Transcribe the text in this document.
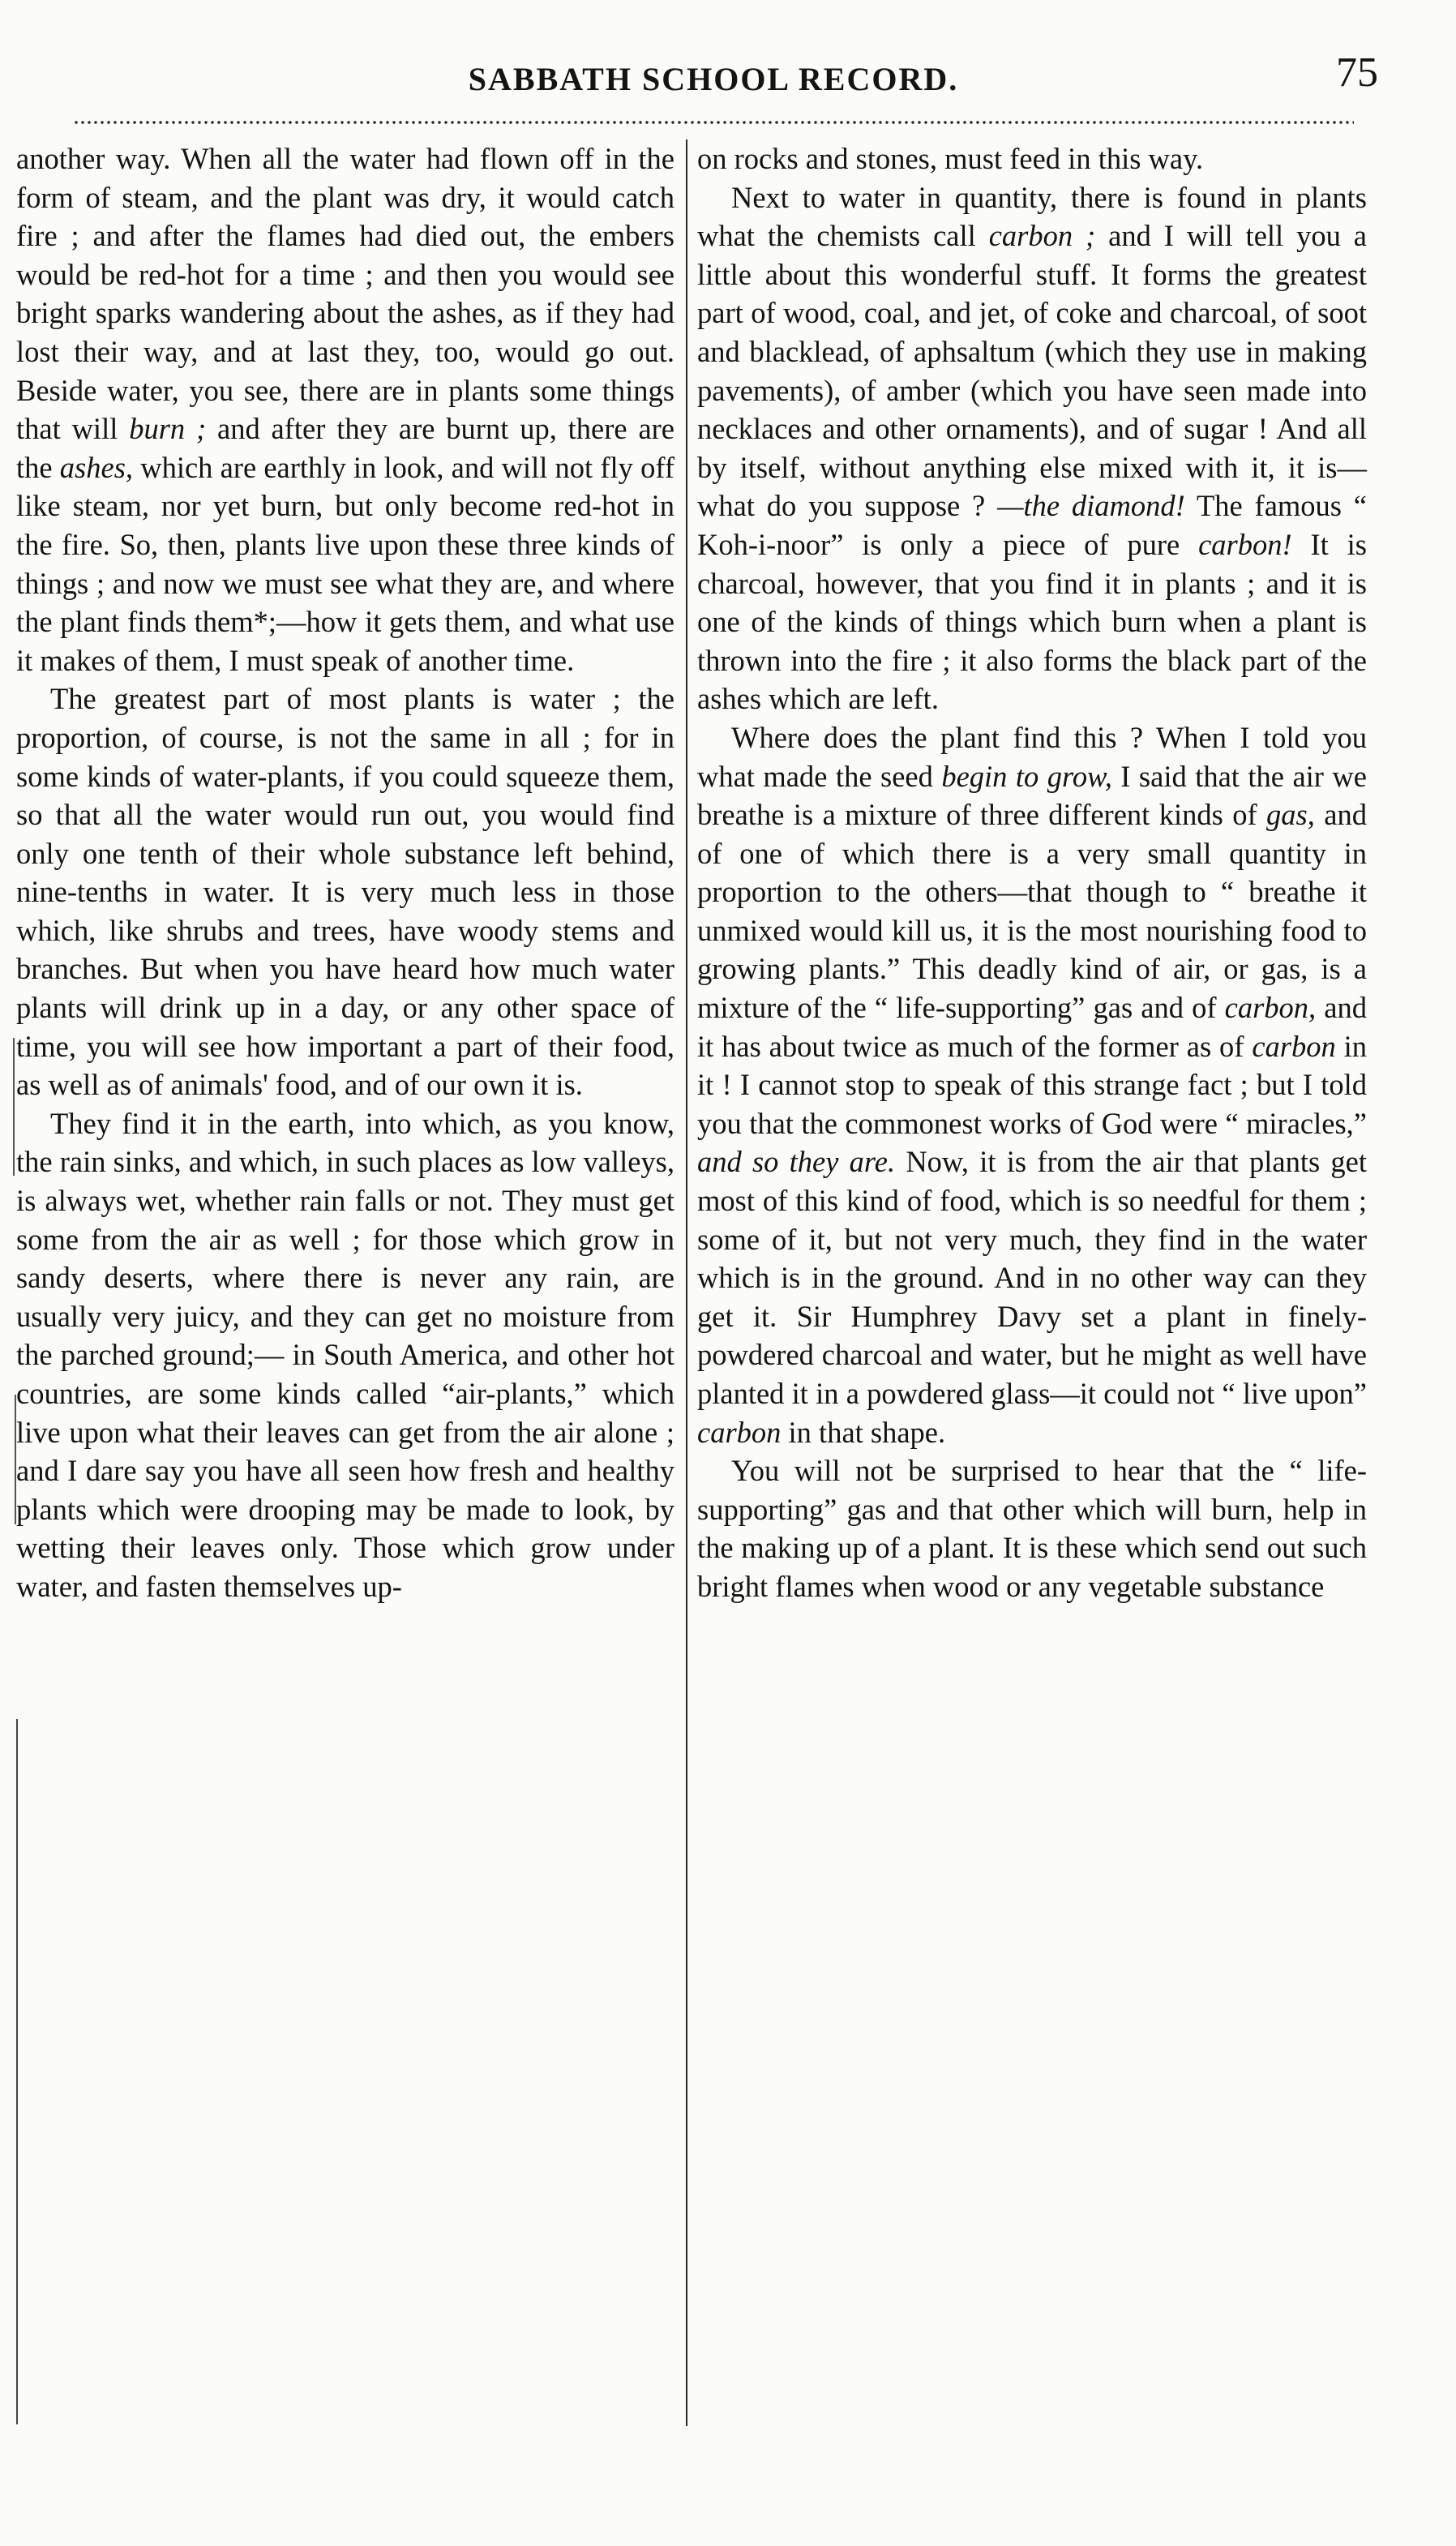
SABBATH SCHOOL RECORD.	75

another way. When all the water had flown off in the form of steam, and the plant was dry, it would catch fire ; and after the flames had died out, the embers would be red-hot for a time ; and then you would see bright sparks wandering about the ashes, as if they had lost their way, and at last they, too, would go out. Beside water, you see, there are in plants some things that will burn ; and after they are burnt up, there are the ashes, which are earthly in look, and will not fly off like steam, nor yet burn, but only become red-hot in the fire. So, then, plants live upon these three kinds of things ; and now we must see what they are, and where the plant finds them*;—how it gets them, and what use it makes of them, I must speak of another time.

The greatest part of most plants is water ; the proportion, of course, is not the same in all ; for in some kinds of water-plants, if you could squeeze them, so that all the water would run out, you would find only one tenth of their whole substance left behind, nine-tenths in water. It is very much less in those which, like shrubs and trees, have woody stems and branches. But when you have heard how much water plants will drink up in a day, or any other space of time, you will see how important a part of their food, as well as of animals' food, and of our own it is.

They find it in the earth, into which, as you know, the rain sinks, and which, in such places as low valleys, is always wet, whether rain falls or not. They must get some from the air as well ; for those which grow in sandy deserts, where there is never any rain, are usually very juicy, and they can get no moisture from the parched ground;— in South America, and other hot countries, are some kinds called “air-plants,” which live upon what their leaves can get from the air alone ; and I dare say you have all seen how fresh and healthy plants which were drooping may be made to look, by wetting their leaves only. Those which grow under water, and fasten themselves up-

on rocks and stones, must feed in this way.

Next to water in quantity, there is found in plants what the chemists call carbon ; and I will tell you a little about this wonderful stuff. It forms the greatest part of wood, coal, and jet, of coke and charcoal, of soot and blacklead, of aphsaltum (which they use in making pavements), of amber (which you have seen made into necklaces and other ornaments), and of sugar ! And all by itself, without anything else mixed with it, it is—what do you suppose ? —the diamond! The famous “ Koh-i-noor” is only a piece of pure carbon! It is charcoal, however, that you find it in plants ; and it is one of the kinds of things which burn when a plant is thrown into the fire ; it also forms the black part of the ashes which are left.

Where does the plant find this ? When I told you what made the seed begin to grow, I said that the air we breathe is a mixture of three different kinds of gas, and of one of which there is a very small quantity in proportion to the others—that though to “ breathe it unmixed would kill us, it is the most nourishing food to growing plants.” This deadly kind of air, or gas, is a mixture of the “ life-supporting” gas and of carbon, and it has about twice as much of the former as of carbon in it ! I cannot stop to speak of this strange fact ; but I told you that the commonest works of God were “ miracles,” and so they are. Now, it is from the air that plants get most of this kind of food, which is so needful for them ; some of it, but not very much, they find in the water which is in the ground. And in no other way can they get it. Sir Humphrey Davy set a plant in finely-powdered charcoal and water, but he might as well have planted it in a powdered glass—it could not “ live upon” carbon in that shape.

You will not be surprised to hear that the “ life-supporting” gas and that other which will burn, help in the making up of a plant. It is these which send out such bright flames when wood or any vegetable substance
